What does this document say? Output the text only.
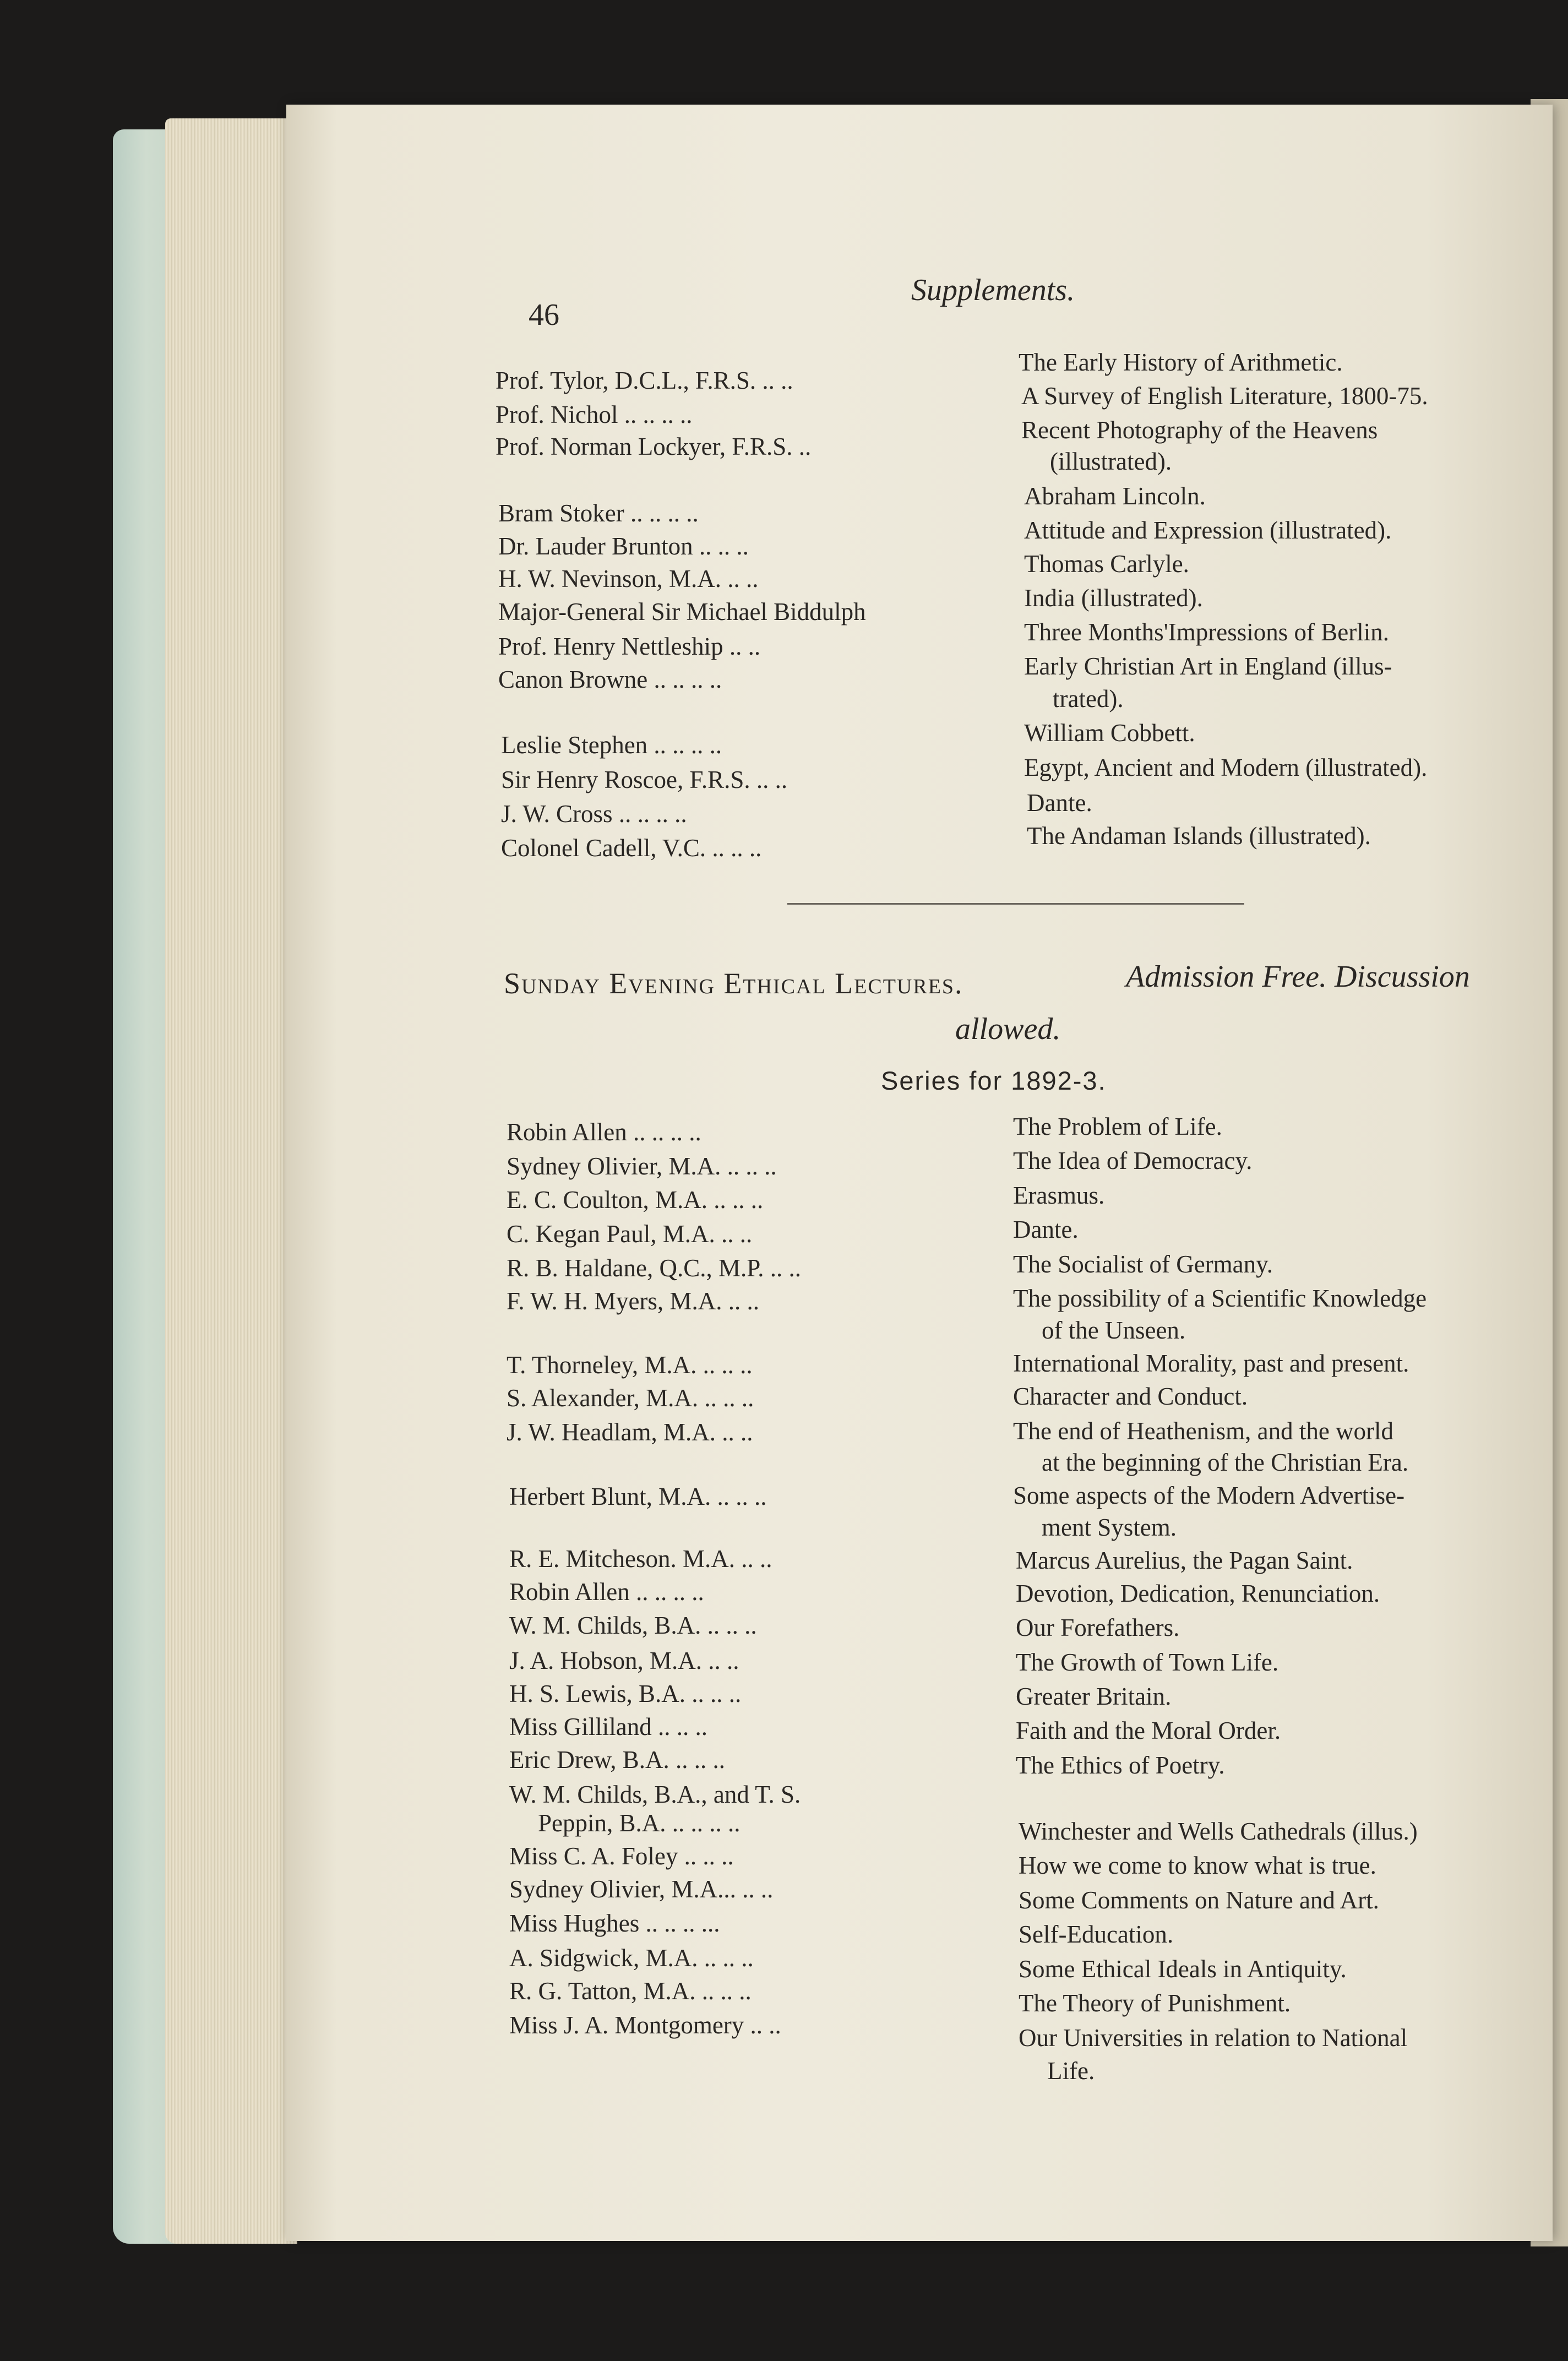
46
Supplements.
Prof. Tylor, D.C.L., F.R.S. .. ..
Prof. Nichol .. .. .. ..
Prof. Norman Lockyer, F.R.S. ..
Bram Stoker .. .. .. ..
Dr. Lauder Brunton .. .. ..
H. W. Nevinson, M.A. .. ..
Major-General Sir Michael Biddulph
Prof. Henry Nettleship .. ..
Canon Browne .. .. .. ..
Leslie Stephen .. .. .. ..
Sir Henry Roscoe, F.R.S. .. ..
J. W. Cross .. .. .. ..
Colonel Cadell, V.C. .. .. ..
The Early History of Arithmetic.
A Survey of English Literature, 1800-75.
Recent Photography of the Heavens
(illustrated).
Abraham Lincoln.
Attitude and Expression (illustrated).
Thomas Carlyle.
India (illustrated).
Three Months'Impressions of Berlin.
Early Christian Art in England (illus-
trated).
William Cobbett.
Egypt, Ancient and Modern (illustrated).
Dante.
The Andaman Islands (illustrated).
Sunday Evening Ethical Lectures.	Admission Free. Discussion
allowed.
Series for 1892-3.
Robin Allen .. .. .. ..
Sydney Olivier, M.A. .. .. ..
E. C. Coulton, M.A. .. .. ..
C. Kegan Paul, M.A. .. ..
R. B. Haldane, Q.C., M.P. .. ..
F. W. H. Myers, M.A. .. ..
T. Thorneley, M.A. .. .. ..
S. Alexander, M.A. .. .. ..
J. W. Headlam, M.A. .. ..
Herbert Blunt, M.A. .. .. ..
R. E. Mitcheson. M.A. .. ..
Robin Allen .. .. .. ..
W. M. Childs, B.A. .. .. ..
J. A. Hobson, M.A. .. ..
H. S. Lewis, B.A. .. .. ..
Miss Gilliland .. .. ..
Eric Drew, B.A. .. .. ..
W. M. Childs, B.A., and T. S.
Peppin, B.A. .. .. .. ..
Miss C. A. Foley .. .. ..
Sydney Olivier, M.A... .. ..
Miss Hughes .. .. .. ...
A. Sidgwick, M.A. .. .. ..
R. G. Tatton, M.A. .. .. ..
Miss J. A. Montgomery .. ..
The Problem of Life.
The Idea of Democracy.
Erasmus.
Dante.
The Socialist of Germany.
The possibility of a Scientific Knowledge
of the Unseen.
International Morality, past and present.
Character and Conduct.
The end of Heathenism, and the world
at the beginning of the Christian Era.
Some aspects of the Modern Advertise-
ment System.
Marcus Aurelius, the Pagan Saint.
Devotion, Dedication, Renunciation.
Our Forefathers.
The Growth of Town Life.
Greater Britain.
Faith and the Moral Order.
The Ethics of Poetry.
Winchester and Wells Cathedrals (illus.)
How we come to know what is true.
Some Comments on Nature and Art.
Self-Education.
Some Ethical Ideals in Antiquity.
The Theory of Punishment.
Our Universities in relation to National
Life.
